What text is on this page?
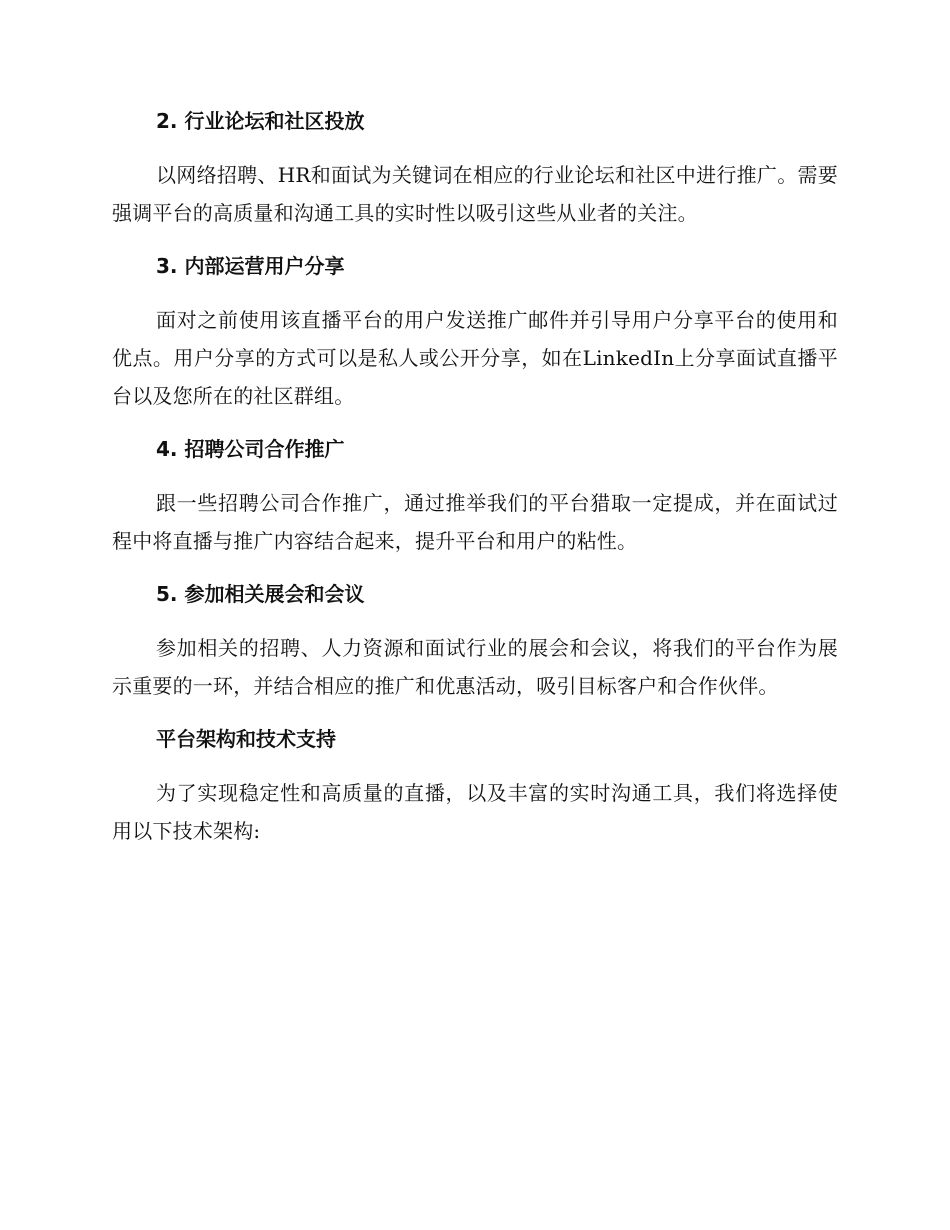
2. 行业论坛和社区投放

以网络招聘、HR和面试为关键词在相应的行业论坛和社区中进行推广。需要强调平台的高质量和沟通工具的实时性以吸引这些从业者的关注。

3. 内部运营用户分享

面对之前使用该直播平台的用户发送推广邮件并引导用户分享平台的使用和优点。用户分享的方式可以是私人或公开分享，如在LinkedIn上分享面试直播平台以及您所在的社区群组。

4. 招聘公司合作推广

跟一些招聘公司合作推广，通过推举我们的平台猎取一定提成，并在面试过程中将直播与推广内容结合起来，提升平台和用户的粘性。

5. 参加相关展会和会议

参加相关的招聘、人力资源和面试行业的展会和会议，将我们的平台作为展示重要的一环，并结合相应的推广和优惠活动，吸引目标客户和合作伙伴。

平台架构和技术支持

为了实现稳定性和高质量的直播，以及丰富的实时沟通工具，我们将选择使用以下技术架构:
